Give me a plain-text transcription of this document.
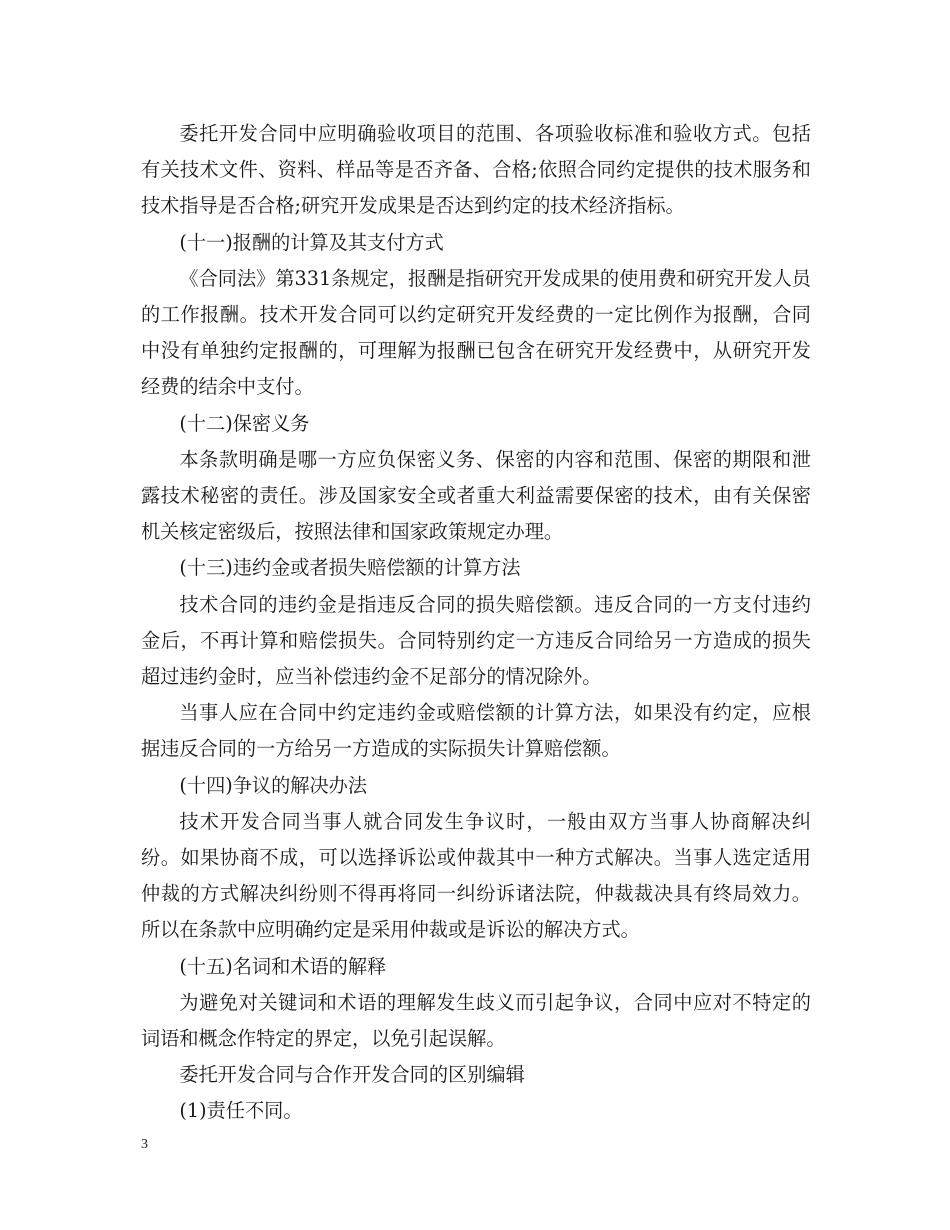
委托开发合同中应明确验收项目的范围、各项验收标准和验收方式。包括有关技术文件、资料、样品等是否齐备、合格;依照合同约定提供的技术服务和技术指导是否合格;研究开发成果是否达到约定的技术经济指标。

(十一)报酬的计算及其支付方式

《合同法》第331条规定，报酬是指研究开发成果的使用费和研究开发人员的工作报酬。技术开发合同可以约定研究开发经费的一定比例作为报酬，合同中没有单独约定报酬的，可理解为报酬已包含在研究开发经费中，从研究开发经费的结余中支付。

(十二)保密义务

本条款明确是哪一方应负保密义务、保密的内容和范围、保密的期限和泄露技术秘密的责任。涉及国家安全或者重大利益需要保密的技术，由有关保密机关核定密级后，按照法律和国家政策规定办理。

(十三)违约金或者损失赔偿额的计算方法

技术合同的违约金是指违反合同的损失赔偿额。违反合同的一方支付违约金后，不再计算和赔偿损失。合同特别约定一方违反合同给另一方造成的损失超过违约金时，应当补偿违约金不足部分的情况除外。

当事人应在合同中约定违约金或赔偿额的计算方法，如果没有约定，应根据违反合同的一方给另一方造成的实际损失计算赔偿额。

(十四)争议的解决办法

技术开发合同当事人就合同发生争议时，一般由双方当事人协商解决纠纷。如果协商不成，可以选择诉讼或仲裁其中一种方式解决。当事人选定适用仲裁的方式解决纠纷则不得再将同一纠纷诉诸法院，仲裁裁决具有终局效力。所以在条款中应明确约定是采用仲裁或是诉讼的解决方式。

(十五)名词和术语的解释

为避免对关键词和术语的理解发生歧义而引起争议，合同中应对不特定的词语和概念作特定的界定，以免引起误解。

委托开发合同与合作开发合同的区别编辑

(1)责任不同。

3
